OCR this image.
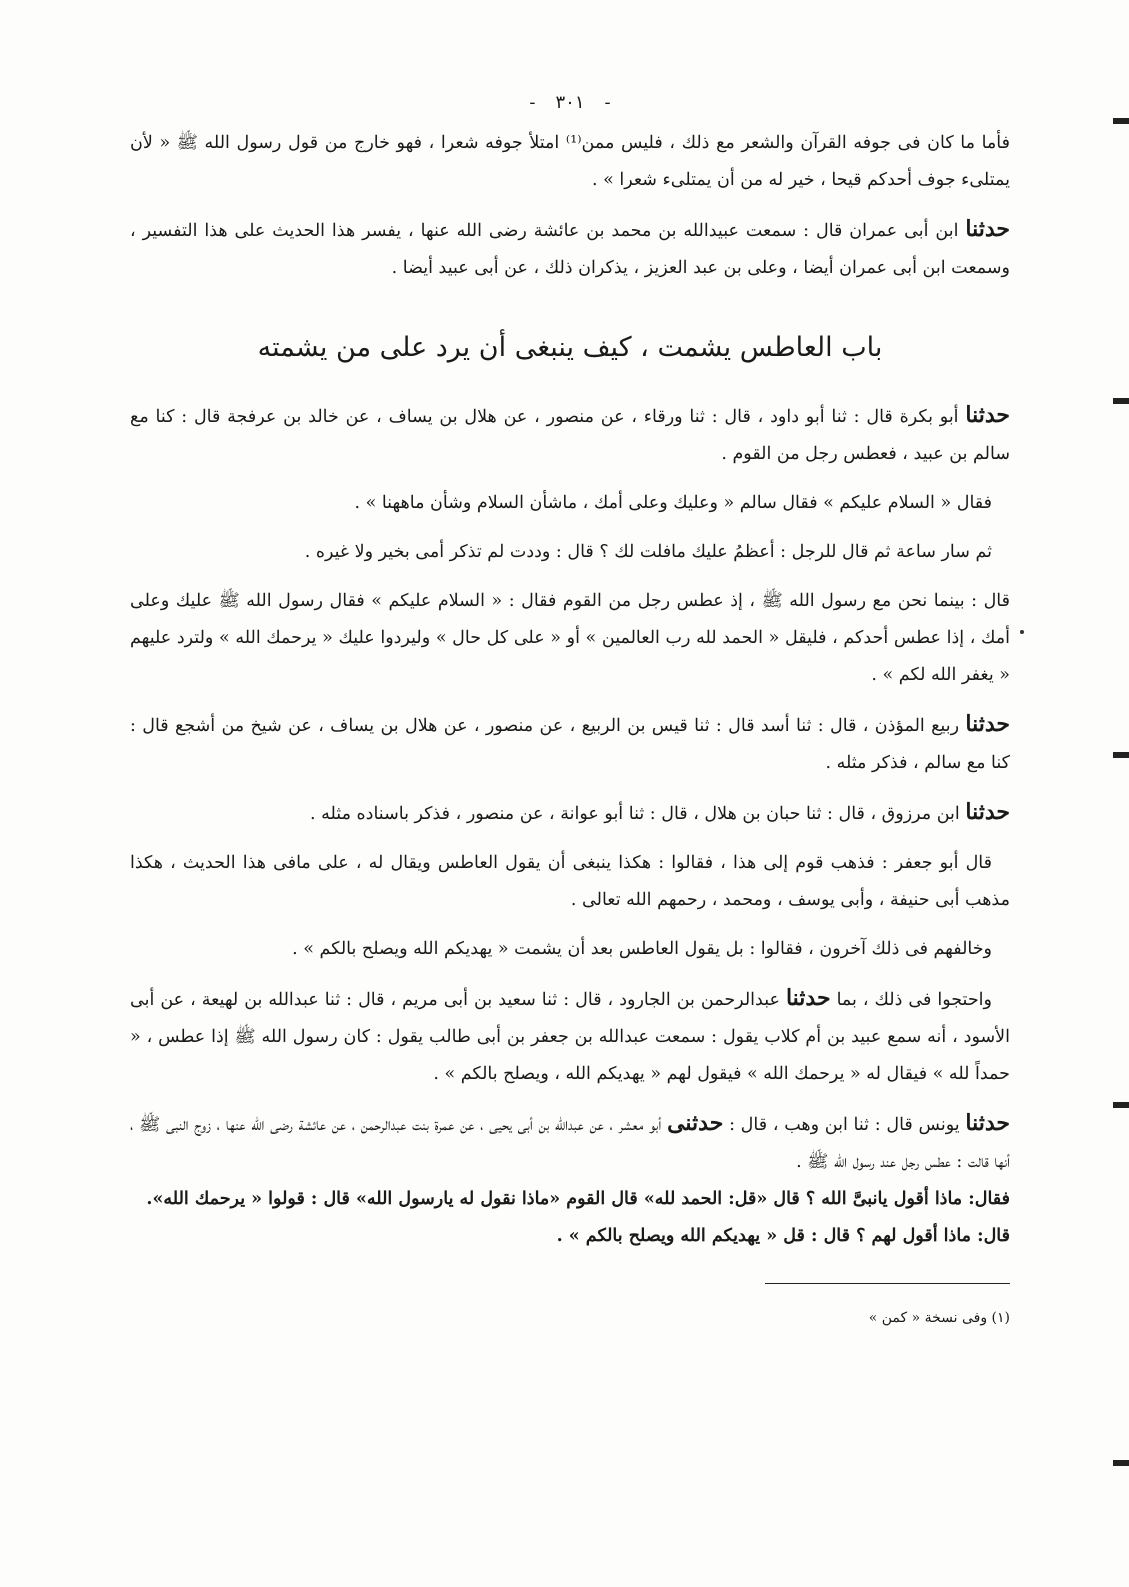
-٣٠١-

فأما ما كان فى جوفه القرآن والشعر مع ذلك ، فليس ممن⁽¹⁾ امتلأ جوفه شعرا ، فهو خارج من قول رسول الله ﷺ « لأن يمتلىء جوف أحدكم قيحا ، خير له من أن يمتلىء شعرا » .

حدثنا ابن أبى عمران قال : سمعت عبيدالله بن محمد بن عائشة رضى الله عنها ، يفسر هذا الحديث على هذا التفسير ، وسمعت ابن أبى عمران أيضا ، وعلى بن عبد العزيز ، يذكران ذلك ، عن أبى عبيد أيضا .

باب العاطس يشمت ، كيف ينبغى أن يرد على من يشمته

حدثنا أبو بكرة قال : ثنا أبو داود ، قال : ثنا ورقاء ، عن منصور ، عن هلال بن يساف ، عن خالد بن عرفجة قال : كنا مع سالم بن عبيد ، فعطس رجل من القوم .

فقال « السلام عليكم » فقال سالم « وعليك وعلى أمك ، ماشأن السلام وشأن ماههنا » .

ثم سار ساعة ثم قال للرجل : أعظمُ عليك مافلت لك ؟ قال : وددت لم تذكر أمى بخير ولا غيره .

قال : بينما نحن مع رسول الله ﷺ ، إذ عطس رجل من القوم فقال : « السلام عليكم » فقال رسول الله ﷺ عليك وعلى أمك ، إذا عطس أحدكم ، فليقل « الحمد لله رب العالمين » أو « على كل حال » وليردوا عليك « يرحمك الله » ولترد عليهم « يغفر الله لكم » .

حدثنا ربيع المؤذن ، قال : ثنا أسد قال : ثنا قيس بن الربيع ، عن منصور ، عن هلال بن يساف ، عن شيخ من أشجع قال : كنا مع سالم ، فذكر مثله .

حدثنا ابن مرزوق ، قال : ثنا حبان بن هلال ، قال : ثنا أبو عوانة ، عن منصور ، فذكر باسناده مثله .

قال أبو جعفر : فذهب قوم إلى هذا ، فقالوا : هكذا ينبغى أن يقول العاطس ويقال له ، على مافى هذا الحديث ، هكذا مذهب أبى حنيفة ، وأبى يوسف ، ومحمد ، رحمهم الله تعالى .

وخالفهم فى ذلك آخرون ، فقالوا : بل يقول العاطس بعد أن يشمت « يهديكم الله ويصلح بالكم » .

واحتجوا فى ذلك ، بما حدثنا عبدالرحمن بن الجارود ، قال : ثنا سعيد بن أبى مريم ، قال : ثنا عبدالله بن لهيعة ، عن أبى الأسود ، أنه سمع عبيد بن أم كلاب يقول : سمعت عبدالله بن جعفر بن أبى طالب يقول : كان رسول الله ﷺ إذا عطس ، « حمداً لله » فيقال له « يرحمك الله » فيقول لهم « يهديكم الله ، ويصلح بالكم » .

حدثنا يونس قال : ثنا ابن وهب ، قال : حدثنى أبو معشر ، عن عبدالله بن أبى يحيى ، عن عمرة بنت عبدالرحمن ، عن عائشة رضى الله عنها ، زوج النبى ﷺ ، أنها قالت : عطس رجل عند رسول الله ﷺ .

فقال: ماذا أقول يانبىَّ الله ؟ قال «قل: الحمد لله» قال القوم «ماذا نقول له يارسول الله» قال : قولوا « يرحمك الله».

قال: ماذا أقول لهم ؟ قال : قل « يهديكم الله ويصلح بالكم » .

(١) وفى نسخة « كمن »
